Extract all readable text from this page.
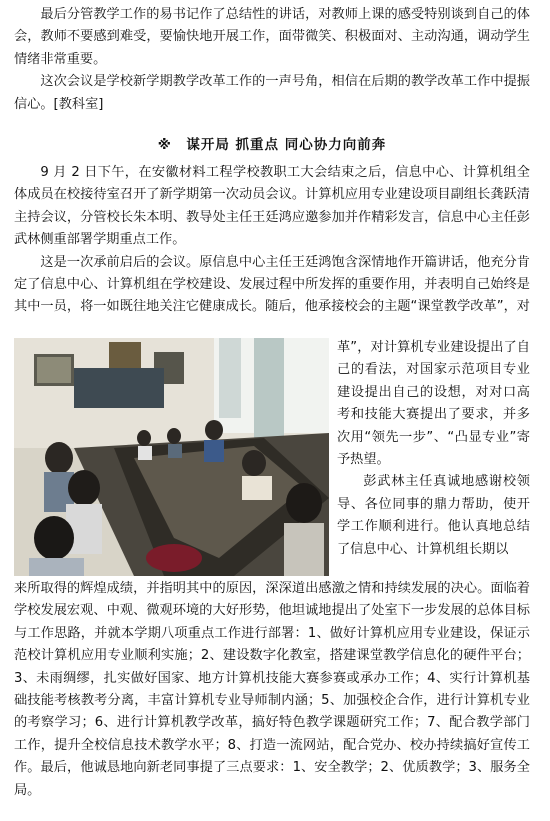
最后分管教学工作的易书记作了总结性的讲话，对教师上课的感受特别谈到自己的体会，教师不要感到难受，要愉快地开展工作，面带微笑、积极面对、主动沟通，调动学生情绪非常重要。

这次会议是学校新学期教学改革工作的一声号角，相信在后期的教学改革工作中提振信心。[教科室]

※　谋开局 抓重点 同心协力向前奔

9 月 2 日下午，在安徽材料工程学校教职工大会结束之后，信息中心、计算机组全体成员在校接待室召开了新学期第一次动员会议。计算机应用专业建设项目副组长龚跃清主持会议，分管校长朱本明、教导处主任王廷鸿应邀参加并作精彩发言，信息中心主任彭武林侧重部署学期重点工作。

这是一次承前启后的会议。原信息中心主任王廷鸿饱含深情地作开篇讲话，他充分肯定了信息中心、计算机组在学校建设、发展过程中所发挥的重要作用，并表明自己始终是其中一员，将一如既往地关注它健康成长。随后，他承接校会的主题“课堂教学改革”，对

革”，对计算机专业建设提出了自己的看法，对国家示范项目专业建设提出自己的设想，对对口高考和技能大赛提出了要求，并多次用“领先一步”、“凸显专业”寄予热望。

彭武林主任真诚地感谢校领导、各位同事的鼎力帮助，使开学工作顺利进行。他认真地总结了信息中心、计算机组长期以

来所取得的辉煌成绩，并指明其中的原因，深深道出感激之情和持续发展的决心。面临着学校发展宏观、中观、微观环境的大好形势，他坦诚地提出了处室下一步发展的总体目标与工作思路，并就本学期八项重点工作进行部署：1、做好计算机应用专业建设，保证示范校计算机应用专业顺利实施；2、建设数字化教室，搭建课堂教学信息化的硬件平台；3、未雨绸缪，扎实做好国家、地方计算机技能大赛参赛或承办工作；4、实行计算机基础技能考核教考分离，丰富计算机专业导师制内涵；5、加强校企合作，进行计算机专业的考察学习；6、进行计算机教学改革，搞好特色教学课题研究工作；7、配合教学部门工作，提升全校信息技术教学水平；8、打造一流网站，配合党办、校办持续搞好宣传工作。最后，他诚恳地向新老同事提了三点要求：1、安全教学；2、优质教学；3、服务全局。
